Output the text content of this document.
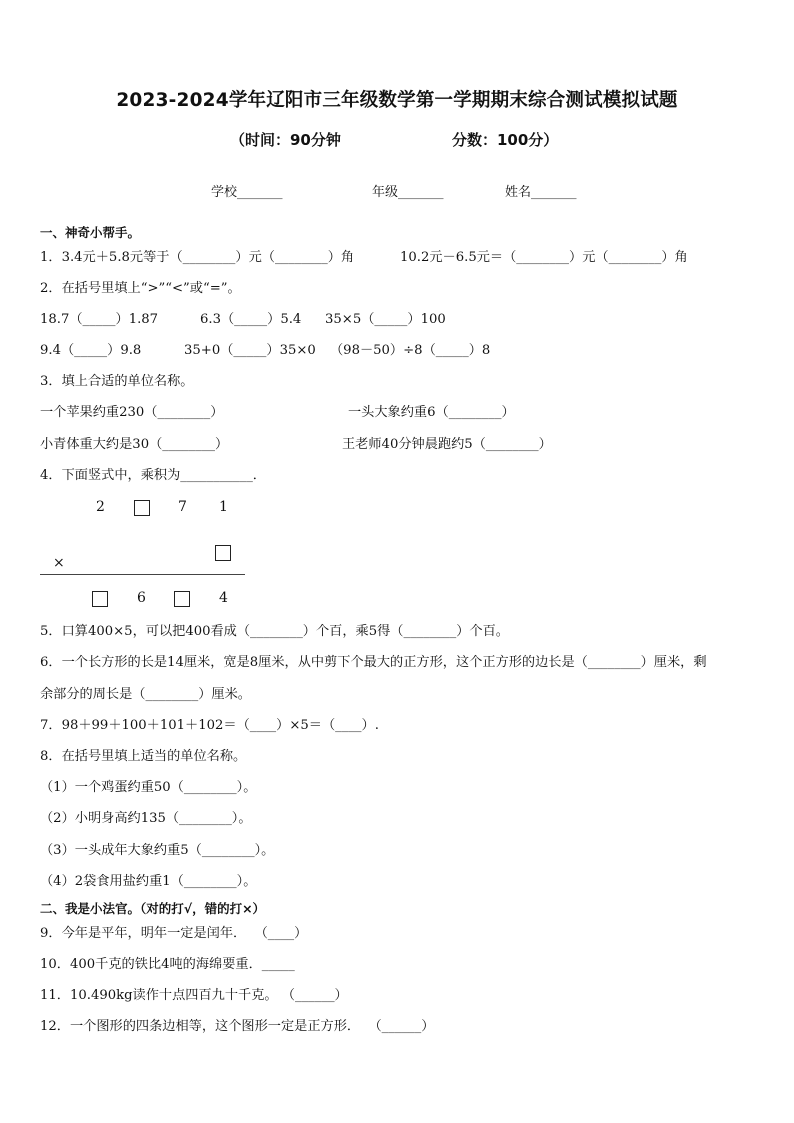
2023-2024学年辽阳市三年级数学第一学期期末综合测试模拟试题
（时间：90分钟	分数：100分）
学校_______	年级_______	姓名_______
一、神奇小帮手。
1．3.4元＋5.8元等于（________）元（________）角	10.2元－6.5元＝（________）元（________）角
2．在括号里填上“>”“<”或“=”。
18.7（_____）1.87	6.3（_____）5.4 35×5（_____）100
9.4（_____）9.8	35+0（_____）35×0 （98－50）÷8（_____）8
3．填上合适的单位名称。
一个苹果约重230（________）	一头大象约重6（________）
小青体重大约是30（________）	王老师40分钟晨跑约5（________）
4．下面竖式中，乘积为___________．
2	7 1
×
6	4
5．口算400×5，可以把400看成（________）个百，乘5得（________）个百。
6．一个长方形的长是14厘米，宽是8厘米，从中剪下个最大的正方形，这个正方形的边长是（________）厘米，剩
余部分的周长是（________）厘米。
7．98＋99＋100＋101＋102＝（____）×5＝（____）.
8．在括号里填上适当的单位名称。
（1）一个鸡蛋约重50（________）。
（2）小明身高约135（________）。
（3）一头成年大象约重5（________）。
（4）2袋食用盐约重1（________）。
二、我是小法官。（对的打√，错的打×）
9．今年是平年，明年一定是闰年．  （____）
10．400千克的铁比4吨的海绵要重．_____
11．10.490kg读作十点四百九十千克。 （______）
12．一个图形的四条边相等，这个图形一定是正方形．  （______）
